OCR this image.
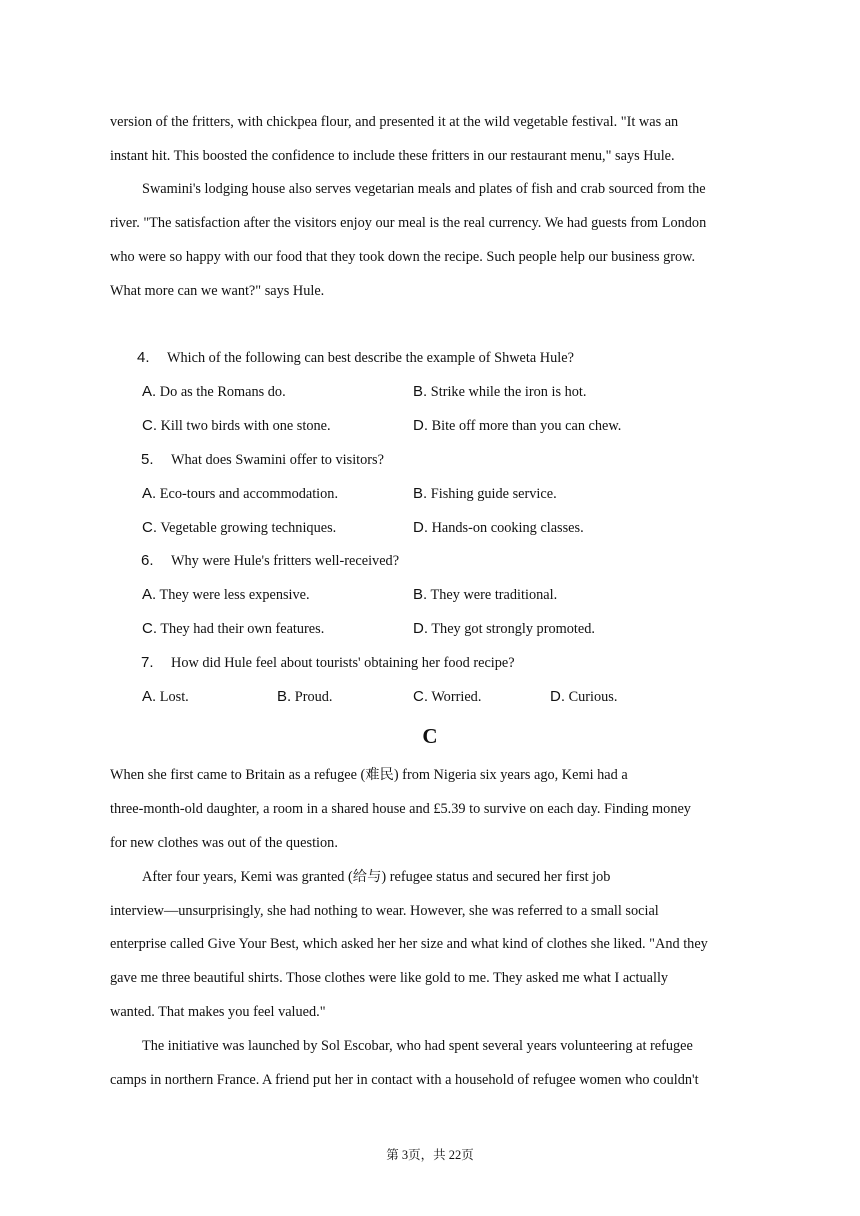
version of the fritters, with chickpea flour, and presented it at the wild vegetable festival. "It was an
instant hit. This boosted the confidence to include these fritters in our restaurant menu," says Hule.
Swamini's lodging house also serves vegetarian meals and plates of fish and crab sourced from the
river. "The satisfaction after the visitors enjoy our meal is the real currency. We had guests from London
who were so happy with our food that they took down the recipe. Such people help our business grow.
What more can we want?" says Hule.
4. Which of the following can best describe the example of Shweta Hule?
A. Do as the Romans do.	B. Strike while the iron is hot.
C. Kill two birds with one stone.	D. Bite off more than you can chew.
5. What does Swamini offer to visitors?
A. Eco-tours and accommodation.	B. Fishing guide service.
C. Vegetable growing techniques.	D. Hands-on cooking classes.
6. Why were Hule's fritters well-received?
A. They were less expensive.	B. They were traditional.
C. They had their own features.	D. They got strongly promoted.
7. How did Hule feel about tourists' obtaining her food recipe?
A. Lost.	B. Proud.	C. Worried.	D. Curious.
C
When she first came to Britain as a refugee (难民) from Nigeria six years ago, Kemi had a
three-month-old daughter, a room in a shared house and £5.39 to survive on each day. Finding money
for new clothes was out of the question.
After four years, Kemi was granted (给与) refugee status and secured her first job
interview—unsurprisingly, she had nothing to wear. However, she was referred to a small social
enterprise called Give Your Best, which asked her her size and what kind of clothes she liked. "And they
gave me three beautiful shirts. Those clothes were like gold to me. They asked me what I actually
wanted. That makes you feel valued."
The initiative was launched by Sol Escobar, who had spent several years volunteering at refugee
camps in northern France. A friend put her in contact with a household of refugee women who couldn't
第 3页，共 22页
